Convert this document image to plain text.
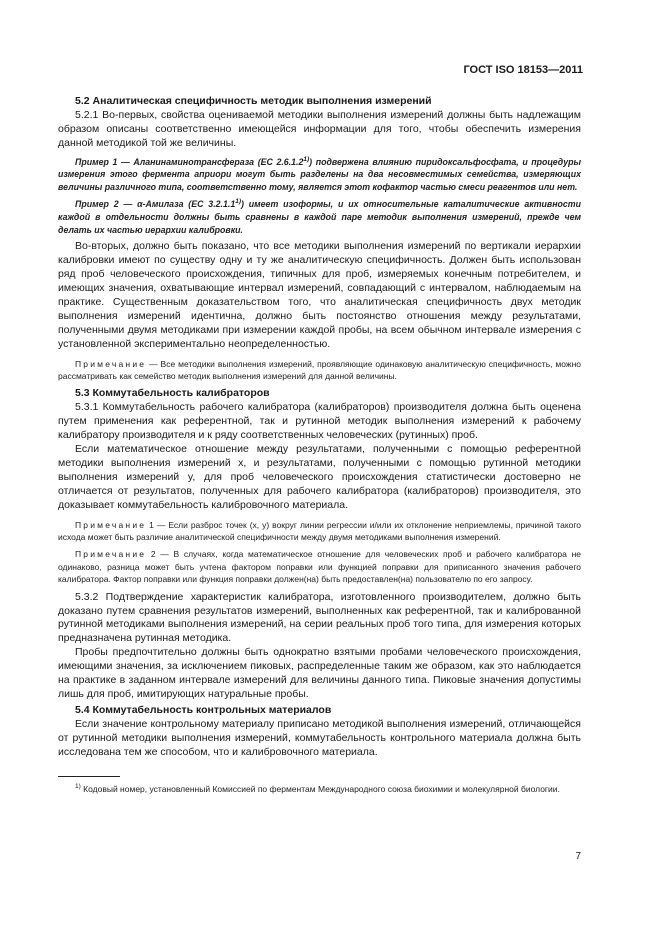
ГОСТ ISO 18153—2011

5.2 Аналитическая специфичность методик выполнения измерений

5.2.1 Во-первых, свойства оцениваемой методики выполнения измерений должны быть надлежащим образом описаны соответственно имеющейся информации для того, чтобы обеспечить измерения данной методикой той же величины.

Пример 1 — Аланинаминотрансфераза (ЕС 2.6.1.2$^{1)}$) подвержена влиянию пиридоксальфосфата, и процедуры измерения этого фермента априори могут быть разделены на два несовместимых семейства, измеряющих величины различного типа, соответственно тому, является этот кофактор частью смеси реагентов или нет.

Пример 2 — α-Амилаза (ЕС 3.2.1.1$^{1)}$) имеет изоформы, и их относительные каталитические активности каждой в отдельности должны быть сравнены в каждой паре методик выполнения измерений, прежде чем делать их частью иерархии калибровки.

Во-вторых, должно быть показано, что все методики выполнения измерений по вертикали иерархии калибровки имеют по существу одну и ту же аналитическую специфичность. Должен быть использован ряд проб человеческого происхождения, типичных для проб, измеряемых конечным потребителем, и имеющих значения, охватывающие интервал измерений, совпадающий с интервалом, наблюдаемым на практике. Существенным доказательством того, что аналитическая специфичность двух методик выполнения измерений идентична, должно быть постоянство отношения между результатами, полученными двумя методиками при измерении каждой пробы, на всем обычном интервале измерения с установленной экспериментально неопределенностью.

Примечание — Все методики выполнения измерений, проявляющие одинаковую аналитическую специфичность, можно рассматривать как семейство методик выполнения измерений для данной величины.

5.3 Коммутабельность калибраторов

5.3.1 Коммутабельность рабочего калибратора (калибраторов) производителя должна быть оценена путем применения как референтной, так и рутинной методик выполнения измерений к рабочему калибратору производителя и к ряду соответственных человеческих (рутинных) проб.

Если математическое отношение между результатами, полученными с помощью референтной методики выполнения измерений x, и результатами, полученными с помощью рутинной методики выполнения измерений y, для проб человеческого происхождения статистически достоверно не отличается от результатов, полученных для рабочего калибратора (калибраторов) производителя, это доказывает коммутабельность калибровочного материала.

Примечание 1 — Если разброс точек (x, y) вокруг линии регрессии и/или их отклонение неприемлемы, причиной такого исхода может быть различие аналитической специфичности между двумя методиками выполнения измерений.

Примечание 2 — В случаях, когда математическое отношение для человеческих проб и рабочего калибратора не одинаково, разница может быть учтена фактором поправки или функцией поправки для приписанного значения рабочего калибратора. Фактор поправки или функция поправки должен(на) быть предоставлен(на) пользователю по его запросу.

5.3.2 Подтверждение характеристик калибратора, изготовленного производителем, должно быть доказано путем сравнения результатов измерений, выполненных как референтной, так и калиброванной рутинной методиками выполнения измерений, на серии реальных проб того типа, для измерения которых предназначена рутинная методика.

Пробы предпочтительно должны быть однократно взятыми пробами человеческого происхождения, имеющими значения, за исключением пиковых, распределенные таким же образом, как это наблюдается на практике в заданном интервале измерений для величины данного типа. Пиковые значения допустимы лишь для проб, имитирующих натуральные пробы.

5.4 Коммутабельность контрольных материалов

Если значение контрольному материалу приписано методикой выполнения измерений, отличающейся от рутинной методики выполнения измерений, коммутабельность контрольного материала должна быть исследована тем же способом, что и калибровочного материала.

$^{1)}$ Кодовый номер, установленный Комиссией по ферментам Международного союза биохимии и молекулярной биологии.

7
